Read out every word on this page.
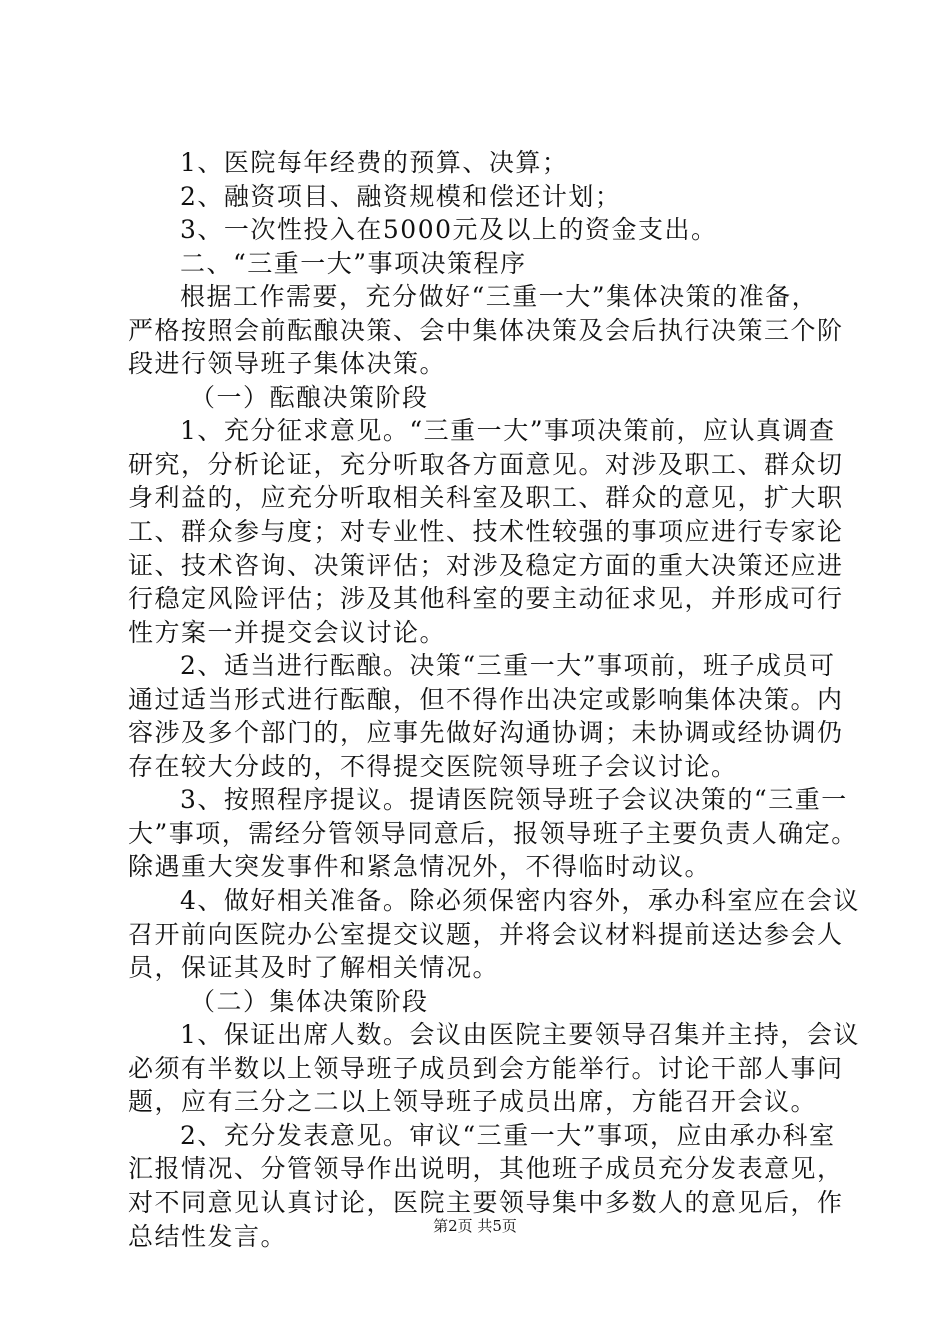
1、医院每年经费的预算、决算；
2、融资项目、融资规模和偿还计划；
3、一次性投入在5000元及以上的资金支出。
二、“三重一大”事项决策程序
根据工作需要，充分做好“三重一大”集体决策的准备，
严格按照会前酝酿决策、会中集体决策及会后执行决策三个阶
段进行领导班子集体决策。
（一）酝酿决策阶段
1、充分征求意见。“三重一大”事项决策前，应认真调查
研究，分析论证，充分听取各方面意见。对涉及职工、群众切
身利益的，应充分听取相关科室及职工、群众的意见，扩大职
工、群众参与度；对专业性、技术性较强的事项应进行专家论
证、技术咨询、决策评估；对涉及稳定方面的重大决策还应进
行稳定风险评估；涉及其他科室的要主动征求见，并形成可行
性方案一并提交会议讨论。
2、适当进行酝酿。决策“三重一大”事项前，班子成员可
通过适当形式进行酝酿，但不得作出决定或影响集体决策。内
容涉及多个部门的，应事先做好沟通协调；未协调或经协调仍
存在较大分歧的，不得提交医院领导班子会议讨论。
3、按照程序提议。提请医院领导班子会议决策的“三重一
大”事项，需经分管领导同意后，报领导班子主要负责人确定。
除遇重大突发事件和紧急情况外，不得临时动议。
4、做好相关准备。除必须保密内容外，承办科室应在会议
召开前向医院办公室提交议题，并将会议材料提前送达参会人
员，保证其及时了解相关情况。
（二）集体决策阶段
1、保证出席人数。会议由医院主要领导召集并主持，会议
必须有半数以上领导班子成员到会方能举行。讨论干部人事问
题，应有三分之二以上领导班子成员出席，方能召开会议。
2、充分发表意见。审议“三重一大”事项，应由承办科室
汇报情况、分管领导作出说明，其他班子成员充分发表意见，
对不同意见认真讨论，医院主要领导集中多数人的意见后，作
总结性发言。	第2页 共5页
